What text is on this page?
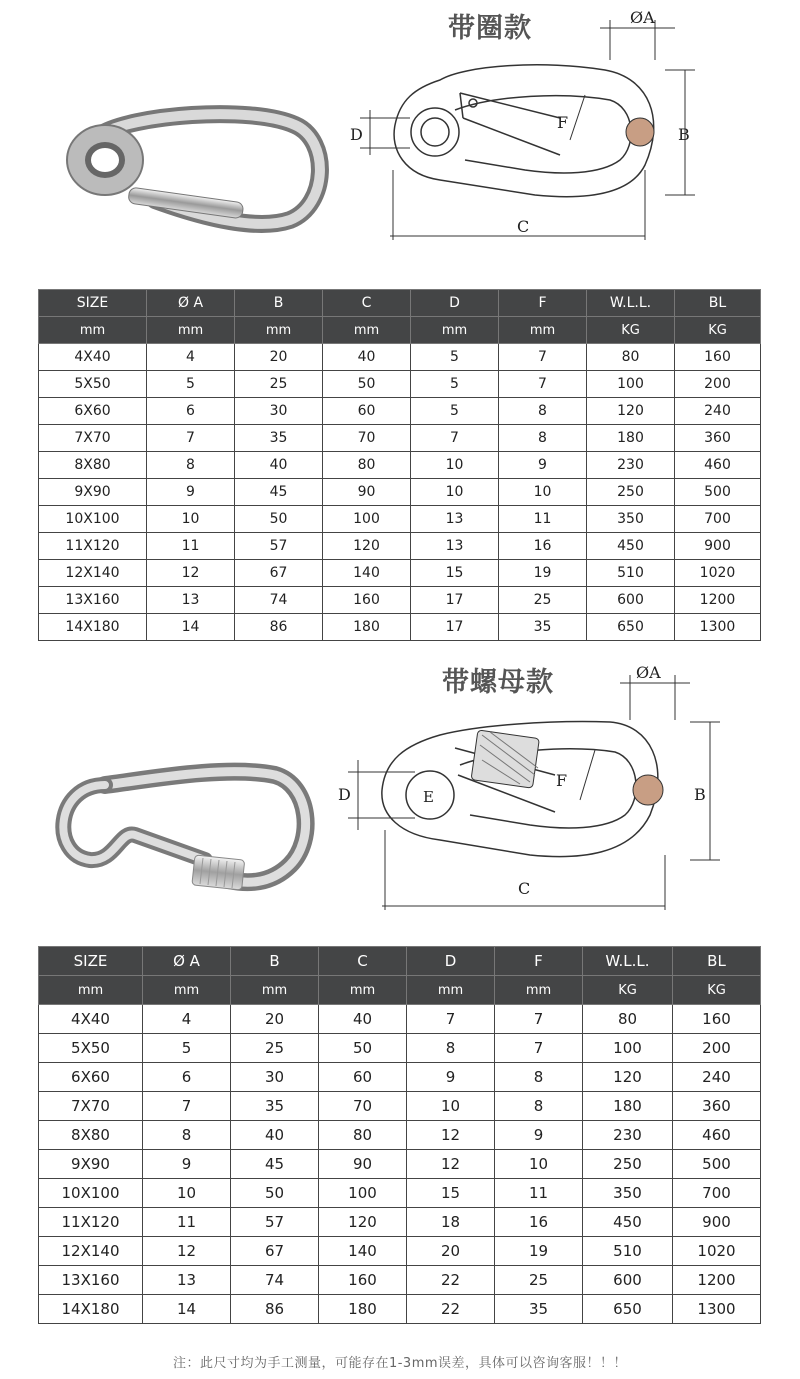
带圈款	ØA
B
C
D
F
SIZE	Ø A	B	C	D	F	W.L.L.	BL
mm	mm	mm	mm	mm	mm	KG	KG
4X40	4	20	40	5	7	80	160
5X50	5	25	50	5	7	100	200
6X60	6	30	60	5	8	120	240
7X70	7	35	70	7	8	180	360
8X80	8	40	80	10	9	230	460
9X90	9	45	90	10	10	250	500
10X100	10	50	100	13	11	350	700
11X120	11	57	120	13	16	450	900
12X140	12	67	140	15	19	510	1020
13X160	13	74	160	17	25	600	1200
14X180	14	86	180	17	35	650	1300
带螺母款	ØA
B
C
D	E
F
SIZE	Ø A	B	C	D	F	W.L.L.	BL
mm	mm	mm	mm	mm	mm	KG	KG
4X40	4	20	40	7	7	80	160
5X50	5	25	50	8	7	100	200
6X60	6	30	60	9	8	120	240
7X70	7	35	70	10	8	180	360
8X80	8	40	80	12	9	230	460
9X90	9	45	90	12	10	250	500
10X100	10	50	100	15	11	350	700
11X120	11	57	120	18	16	450	900
12X140	12	67	140	20	19	510	1020
13X160	13	74	160	22	25	600	1200
14X180	14	86	180	22	35	650	1300
注：此尺寸均为手工测量，可能存在1-3mm误差，具体可以咨询客服！！！
